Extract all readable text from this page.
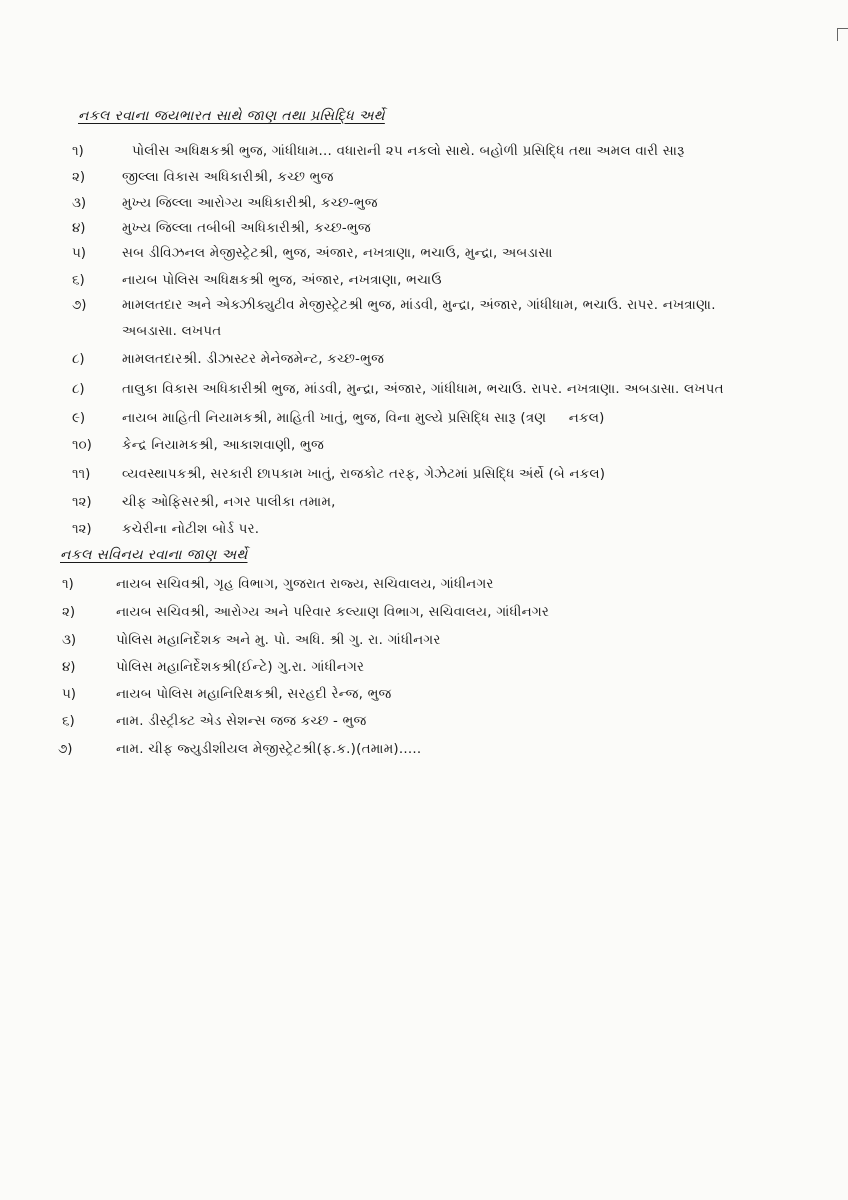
નકલ રવાના જયભારત સાથે જાણ તથા પ્રસિદ્ધિ અર્થે
૧)	પોલીસ અધિક્ષકશ્રી ભુજ, ગાંધીધામ... વધારાની ૨૫ નકલો સાથે. બહોળી પ્રસિદ્ધિ તથા અમલ વારી સારૂ
૨)	જીલ્લા વિકાસ અધિકારીશ્રી, કચ્છ ભુજ
૩)	મુખ્ય જિલ્લા આરોગ્ય અધિકારીશ્રી, કચ્છ-ભુજ
૪)	મુખ્ય જિલ્લા તબીબી અધિકારીશ્રી, કચ્છ-ભુજ
૫)	સબ ડીવિઝનલ મેજીસ્ટ્રેટશ્રી, ભુજ, અંજાર, નખત્રાણા, ભચાઉ, મુન્દ્રા, અબડાસા
૬)	નાયબ પોલિસ અધિક્ષકશ્રી ભુજ, અંજાર, નખત્રાણા, ભચાઉ
૭)	મામલતદાર અને એક્ઝીક્યુટીવ મેજીસ્ટ્રેટશ્રી ભુજ, માંડવી, મુન્દ્રા, અંજાર, ગાંધીધામ, ભચાઉ. રાપર. નખત્રાણા.
અબડાસા. લખપત
૮)	મામલતદારશ્રી. ડીઝાસ્ટર મેનેજમેન્ટ, કચ્છ-ભુજ
૮)	તાલુકા વિકાસ અધિકારીશ્રી ભુજ, માંડવી, મુન્દ્રા, અંજાર, ગાંધીધામ, ભચાઉ. રાપર. નખત્રાણા. અબડાસા. લખપત
૯)	નાયબ માહિતી નિયામકશ્રી, માહિતી ખાતું, ભુજ, વિના મુલ્યે પ્રસિદ્ધિ સારૂ (ત્રણ     નકલ)
૧૦) કેન્દ્ર નિયામકશ્રી, આકાશવાણી, ભુજ
૧૧) વ્યવસ્થાપકશ્રી, સરકારી છાપકામ ખાતું, રાજકોટ તરફ, ગેઝેટમાં પ્રસિદ્ધિ અંર્થે (બે નકલ)
૧૨) ચીફ ઓફિસરશ્રી, નગર પાલીકા તમામ,
૧૨) કચેરીના નોટીશ બોર્ડ પર.
નકલ સવિનય રવાના જાણ અર્થે
૧)	નાયબ સચિવશ્રી, ગૃહ વિભાગ, ગુજરાત રાજ્ય, સચિવાલય, ગાંધીનગર
૨)	નાયબ સચિવશ્રી, આરોગ્ય અને પરિવાર કલ્યાણ વિભાગ, સચિવાલય, ગાંધીનગર
૩)	પોલિસ મહાનિર્દેશક અને મુ. પો. અધિ. શ્રી ગુ. રા. ગાંધીનગર
૪)	પોલિસ મહાનિર્દેશકશ્રી(ઈન્ટે) ગુ.રા. ગાંધીનગર
૫)	નાયબ પોલિસ મહાનિરિક્ષકશ્રી, સરહદી રેન્જ, ભુજ
૬)	નામ. ડીસ્ટ્રીક્ટ એડ સેશન્સ જજ કચ્છ - ભુજ
૭)	નામ. ચીફ જ્યુડીશીયલ મેજીસ્ટ્રેટશ્રી(ફ.ક.)(તમામ).....
